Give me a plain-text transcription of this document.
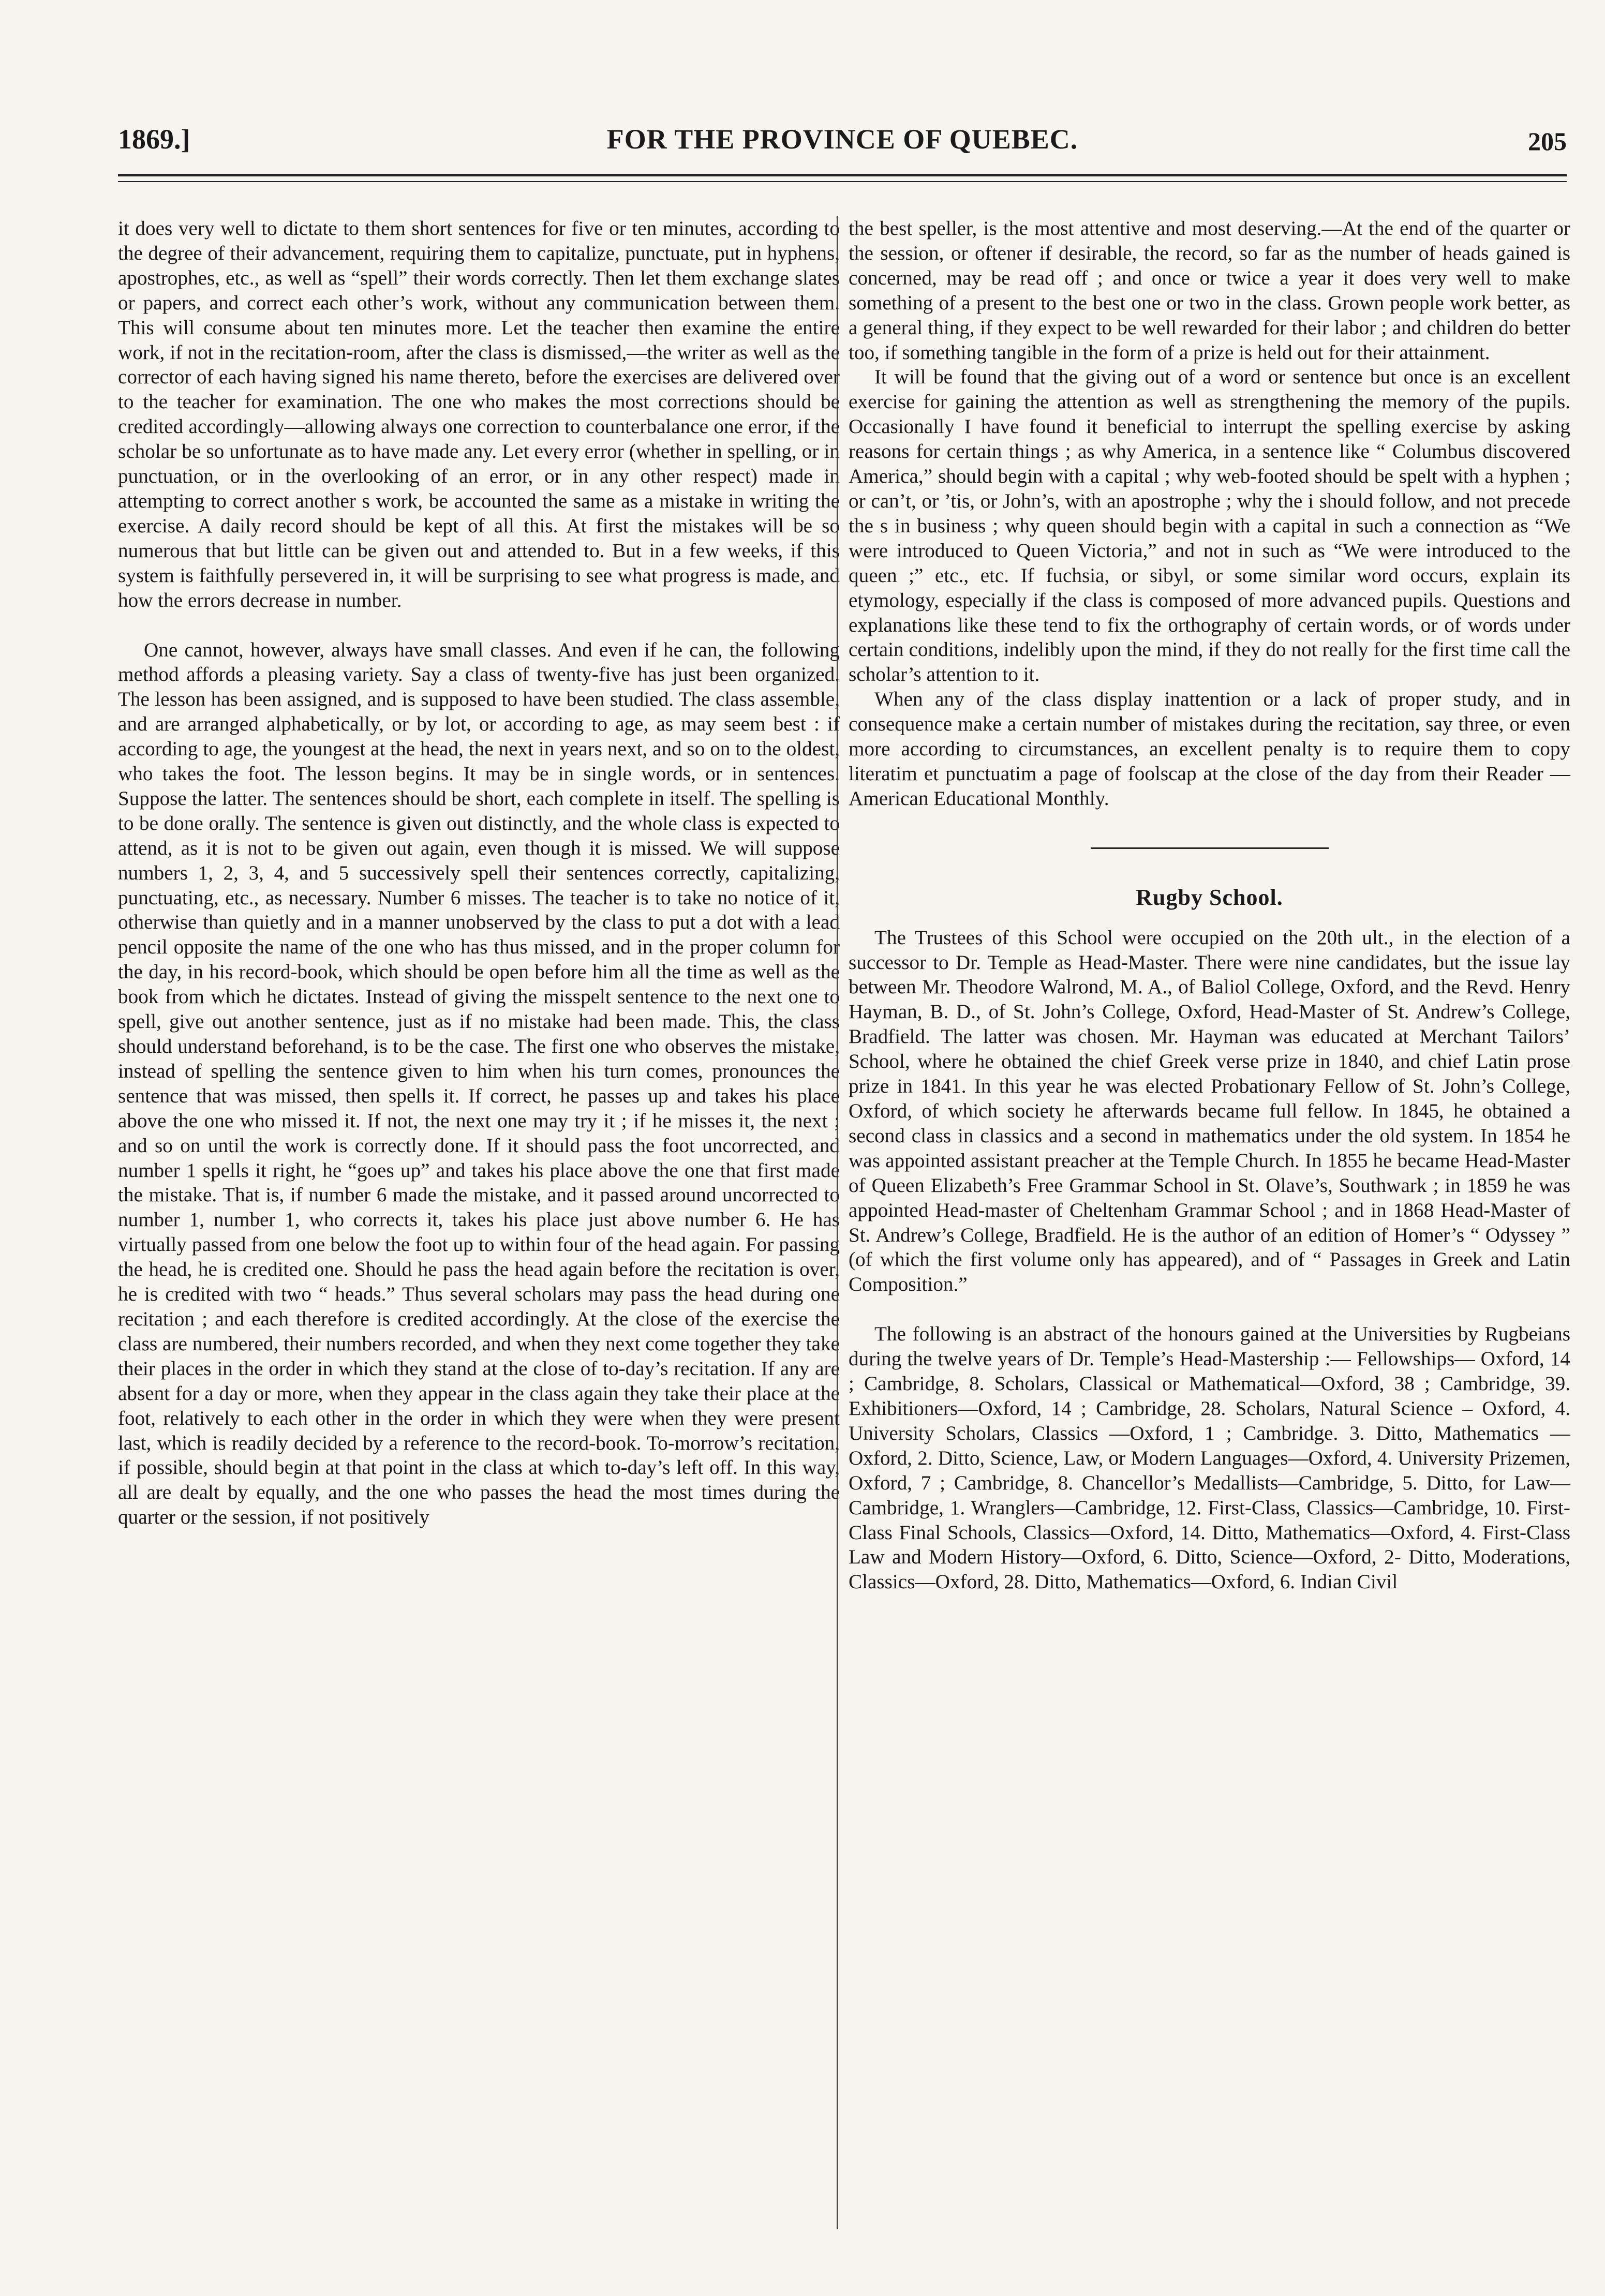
1869.]	FOR THE PROVINCE OF QUEBEC.	205

it does very well to dictate to them short sentences for five or ten minutes, according to the degree of their advancement, requiring them to capitalize, punctuate, put in hyphens, apostrophes, etc., as well as “spell” their words correctly. Then let them exchange slates or papers, and correct each other’s work, without any communication between them. This will consume about ten minutes more. Let the teacher then examine the entire work, if not in the recitation-room, after the class is dismissed,—the writer as well as the corrector of each having signed his name thereto, before the exercises are delivered over to the teacher for examination. The one who makes the most corrections should be credited accordingly—allowing always one correction to counterbalance one error, if the scholar be so unfortunate as to have made any. Let every error (whether in spelling, or in punctuation, or in the overlooking of an error, or in any other respect) made in attempting to correct another s work, be accounted the same as a mistake in writing the exercise. A daily record should be kept of all this. At first the mistakes will be so numerous that but little can be given out and attended to. But in a few weeks, if this system is faithfully persevered in, it will be surprising to see what progress is made, and how the errors decrease in number.

One cannot, however, always have small classes. And even if he can, the following method affords a pleasing variety. Say a class of twenty-five has just been organized. The lesson has been assigned, and is supposed to have been studied. The class assemble, and are arranged alphabetically, or by lot, or according to age, as may seem best : if according to age, the youngest at the head, the next in years next, and so on to the oldest, who takes the foot. The lesson begins. It may be in single words, or in sentences. Suppose the latter. The sentences should be short, each complete in itself. The spelling is to be done orally. The sentence is given out distinctly, and the whole class is expected to attend, as it is not to be given out again, even though it is missed. We will suppose numbers 1, 2, 3, 4, and 5 successively spell their sentences correctly, capitalizing, punctuating, etc., as necessary. Number 6 misses. The teacher is to take no notice of it, otherwise than quietly and in a manner unobserved by the class to put a dot with a lead pencil opposite the name of the one who has thus missed, and in the proper column for the day, in his record-book, which should be open before him all the time as well as the book from which he dictates. Instead of giving the misspelt sentence to the next one to spell, give out another sentence, just as if no mistake had been made. This, the class should understand beforehand, is to be the case. The first one who observes the mistake, instead of spelling the sentence given to him when his turn comes, pronounces the sentence that was missed, then spells it. If correct, he passes up and takes his place above the one who missed it. If not, the next one may try it ; if he misses it, the next ; and so on until the work is correctly done. If it should pass the foot uncorrected, and number 1 spells it right, he “goes up” and takes his place above the one that first made the mistake. That is, if number 6 made the mistake, and it passed around uncorrected to number 1, number 1, who corrects it, takes his place just above number 6. He has virtually passed from one below the foot up to within four of the head again. For passing the head, he is credited one. Should he pass the head again before the recitation is over, he is credited with two “ heads.” Thus several scholars may pass the head during one recitation ; and each therefore is credited accordingly. At the close of the exercise the class are numbered, their numbers recorded, and when they next come together they take their places in the order in which they stand at the close of to-day’s recitation. If any are absent for a day or more, when they appear in the class again they take their place at the foot, relatively to each other in the order in which they were when they were present last, which is readily decided by a reference to the record-book. To-morrow’s recitation, if possible, should begin at that point in the class at which to-day’s left off. In this way, all are dealt by equally, and the one who passes the head the most times during the quarter or the session, if not positively

the best speller, is the most attentive and most deserving.—At the end of the quarter or the session, or oftener if desirable, the record, so far as the number of heads gained is concerned, may be read off ; and once or twice a year it does very well to make something of a present to the best one or two in the class. Grown people work better, as a general thing, if they expect to be well rewarded for their labor ; and children do better too, if something tangible in the form of a prize is held out for their attainment.

It will be found that the giving out of a word or sentence but once is an excellent exercise for gaining the attention as well as strengthening the memory of the pupils. Occasionally I have found it beneficial to interrupt the spelling exercise by asking reasons for certain things ; as why America, in a sentence like “ Columbus discovered America,” should begin with a capital ; why web-footed should be spelt with a hyphen ; or can’t, or ’tis, or John’s, with an apostrophe ; why the i should follow, and not precede the s in business ; why queen should begin with a capital in such a connection as “We were introduced to Queen Victoria,” and not in such as “We were introduced to the queen ;” etc., etc. If fuchsia, or sibyl, or some similar word occurs, explain its etymology, especially if the class is composed of more advanced pupils. Questions and explanations like these tend to fix the orthography of certain words, or of words under certain conditions, indelibly upon the mind, if they do not really for the first time call the scholar’s attention to it.

When any of the class display inattention or a lack of proper study, and in consequence make a certain number of mistakes during the recitation, say three, or even more according to circumstances, an excellent penalty is to require them to copy literatim et punctuatim a page of foolscap at the close of the day from their Reader —American Educational Monthly.

Rugby School.

The Trustees of this School were occupied on the 20th ult., in the election of a successor to Dr. Temple as Head-Master. There were nine candidates, but the issue lay between Mr. Theodore Walrond, M. A., of Baliol College, Oxford, and the Revd. Henry Hayman, B. D., of St. John’s College, Oxford, Head-Master of St. Andrew’s College, Bradfield. The latter was chosen. Mr. Hayman was educated at Merchant Tailors’ School, where he obtained the chief Greek verse prize in 1840, and chief Latin prose prize in 1841. In this year he was elected Probationary Fellow of St. John’s College, Oxford, of which society he afterwards became full fellow. In 1845, he obtained a second class in classics and a second in mathematics under the old system. In 1854 he was appointed assistant preacher at the Temple Church. In 1855 he became Head-Master of Queen Elizabeth’s Free Grammar School in St. Olave’s, Southwark ; in 1859 he was appointed Head-master of Cheltenham Grammar School ; and in 1868 Head-Master of St. Andrew’s College, Bradfield. He is the author of an edition of Homer’s “ Odyssey ” (of which the first volume only has appeared), and of “ Passages in Greek and Latin Composition.”

The following is an abstract of the honours gained at the Universities by Rugbeians during the twelve years of Dr. Temple’s Head-Mastership :— Fellowships— Oxford, 14 ; Cambridge, 8. Scholars, Classical or Mathematical—Oxford, 38 ; Cambridge, 39. Exhibitioners—Oxford, 14 ; Cambridge, 28. Scholars, Natural Science – Oxford, 4. University Scholars, Classics —Oxford, 1 ; Cambridge. 3. Ditto, Mathematics —Oxford, 2. Ditto, Science, Law, or Modern Languages—Oxford, 4. University Prizemen, Oxford, 7 ; Cambridge, 8. Chancellor’s Medallists—Cambridge, 5. Ditto, for Law—Cambridge, 1. Wranglers—Cambridge, 12. First-Class, Classics—Cambridge, 10. First-Class Final Schools, Classics—Oxford, 14. Ditto, Mathematics—Oxford, 4. First-Class Law and Modern History—Oxford, 6. Ditto, Science—Oxford, 2- Ditto, Moderations, Classics—Oxford, 28. Ditto, Mathematics—Oxford, 6. Indian Civil
